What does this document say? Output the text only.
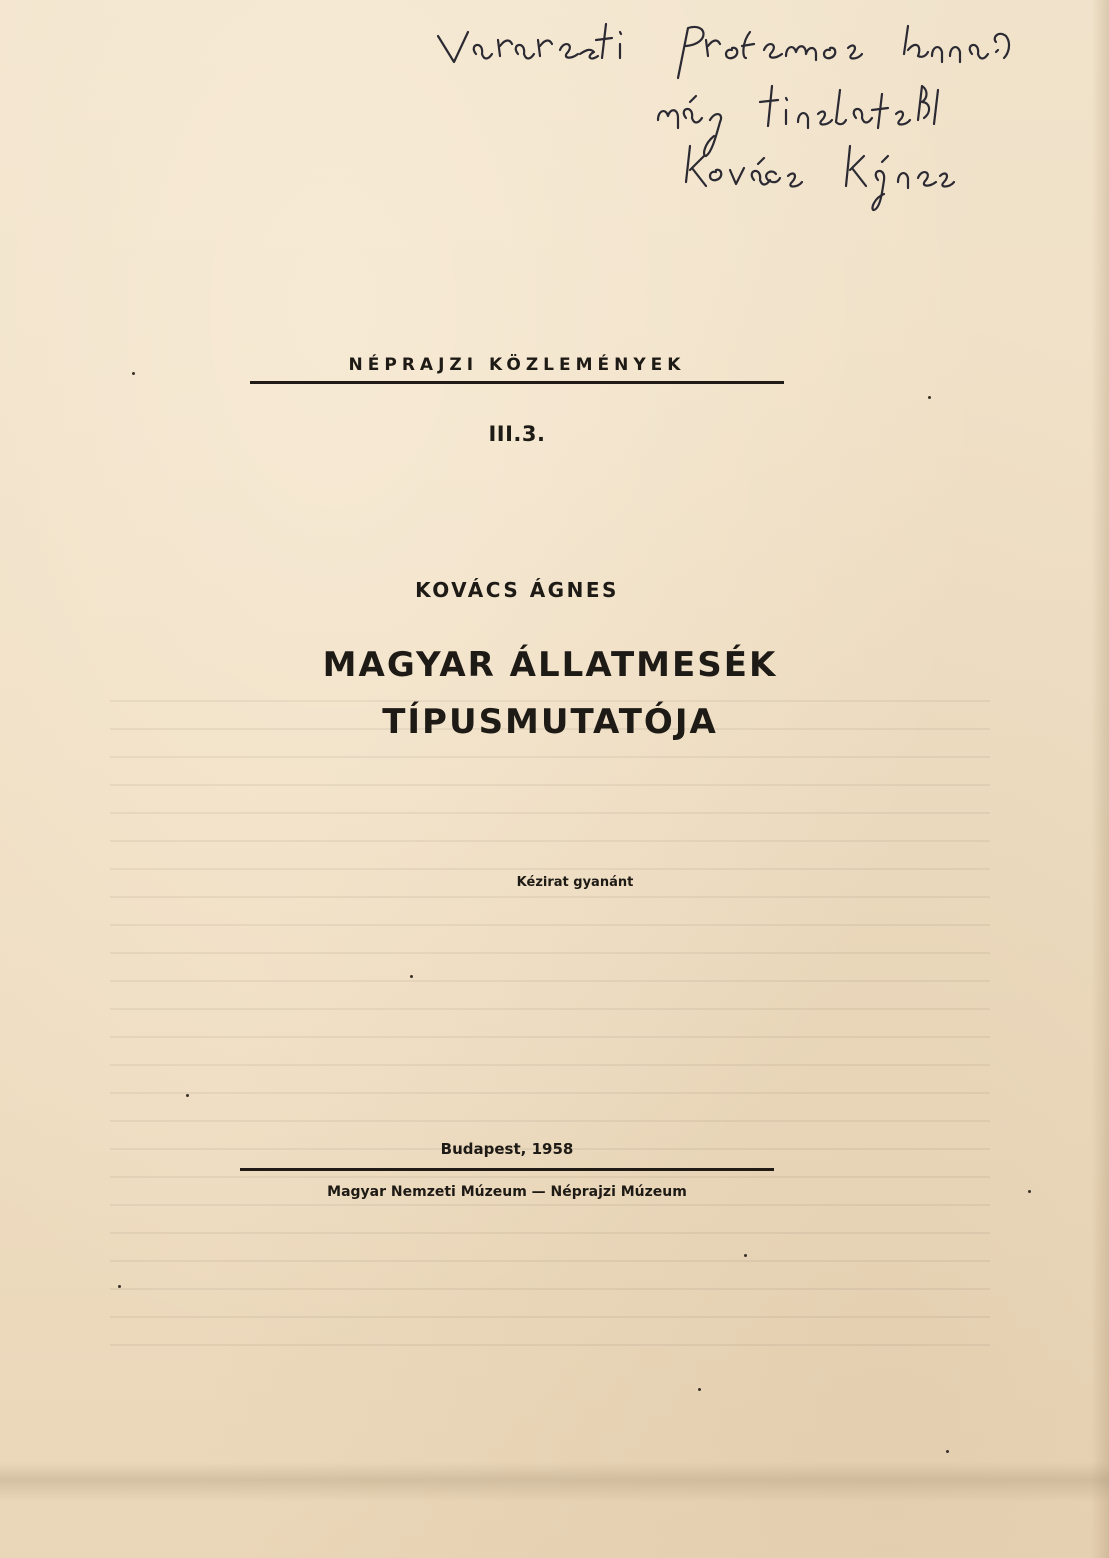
NÉPRAJZI KÖZLEMÉNYEK
III.3.
KOVÁCS ÁGNES
MAGYAR ÁLLATMESÉK
TÍPUSMUTATÓJA
Kézirat gyanánt
Budapest, 1958
Magyar Nemzeti Múzeum — Néprajzi Múzeum
